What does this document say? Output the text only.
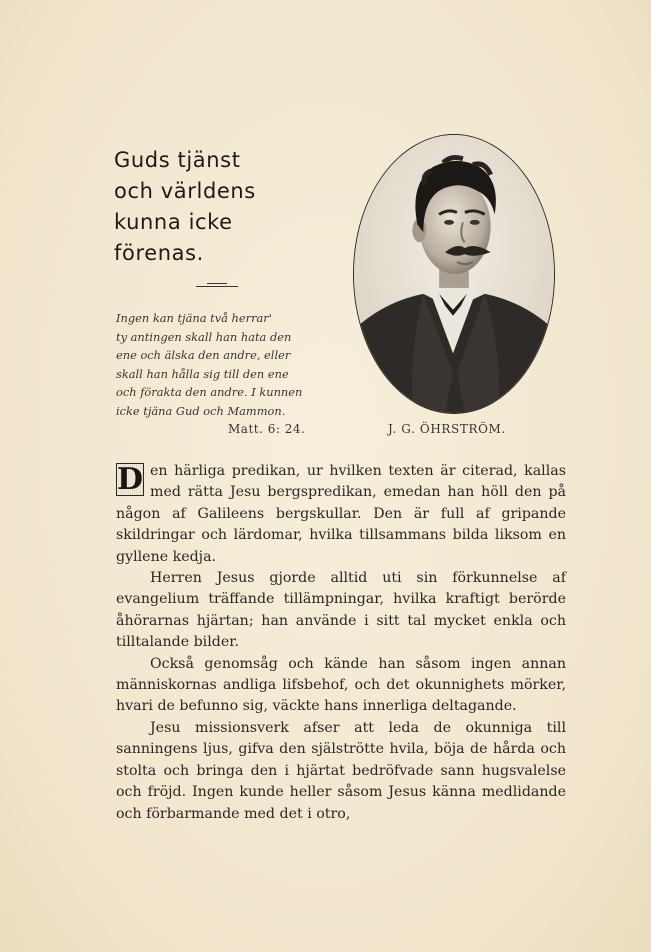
Guds tjänst
och världens
kunna icke
förenas.
Ingen kan tjäna två herrar'
ty antingen skall han hata den
ene och älska den andre, eller
skall han hålla sig till den ene
och förakta den andre. I kunnen
icke tjäna Gud och Mammon.
Matt. 6: 24.	J. G. ÖHRSTRÖM.

D en härliga predikan, ur hvilken texten är citerad, kallas med rätta Jesu bergspredikan, emedan han höll den på någon af Galileens bergskullar. Den är full af gripande skildringar och lärdomar, hvilka tillsammans bilda liksom en gyllene kedja.

Herren Jesus gjorde alltid uti sin förkunnelse af evangelium träffande tillämpningar, hvilka kraftigt berörde åhörarnas hjärtan; han använde i sitt tal mycket enkla och tilltalande bilder.

Också genomsåg och kände han såsom ingen annan människornas andliga lifsbehof, och det okunnighets mörker, hvari de befunno sig, väckte hans innerliga deltagande.

Jesu missionsverk afser att leda de okunniga till sanningens ljus, gifva den själströtte hvila, böja de hårda och stolta och bringa den i hjärtat bedröfvade sann hugsvalelse och fröjd. Ingen kunde heller såsom Jesus känna medlidande och förbarmande med det i otro,
